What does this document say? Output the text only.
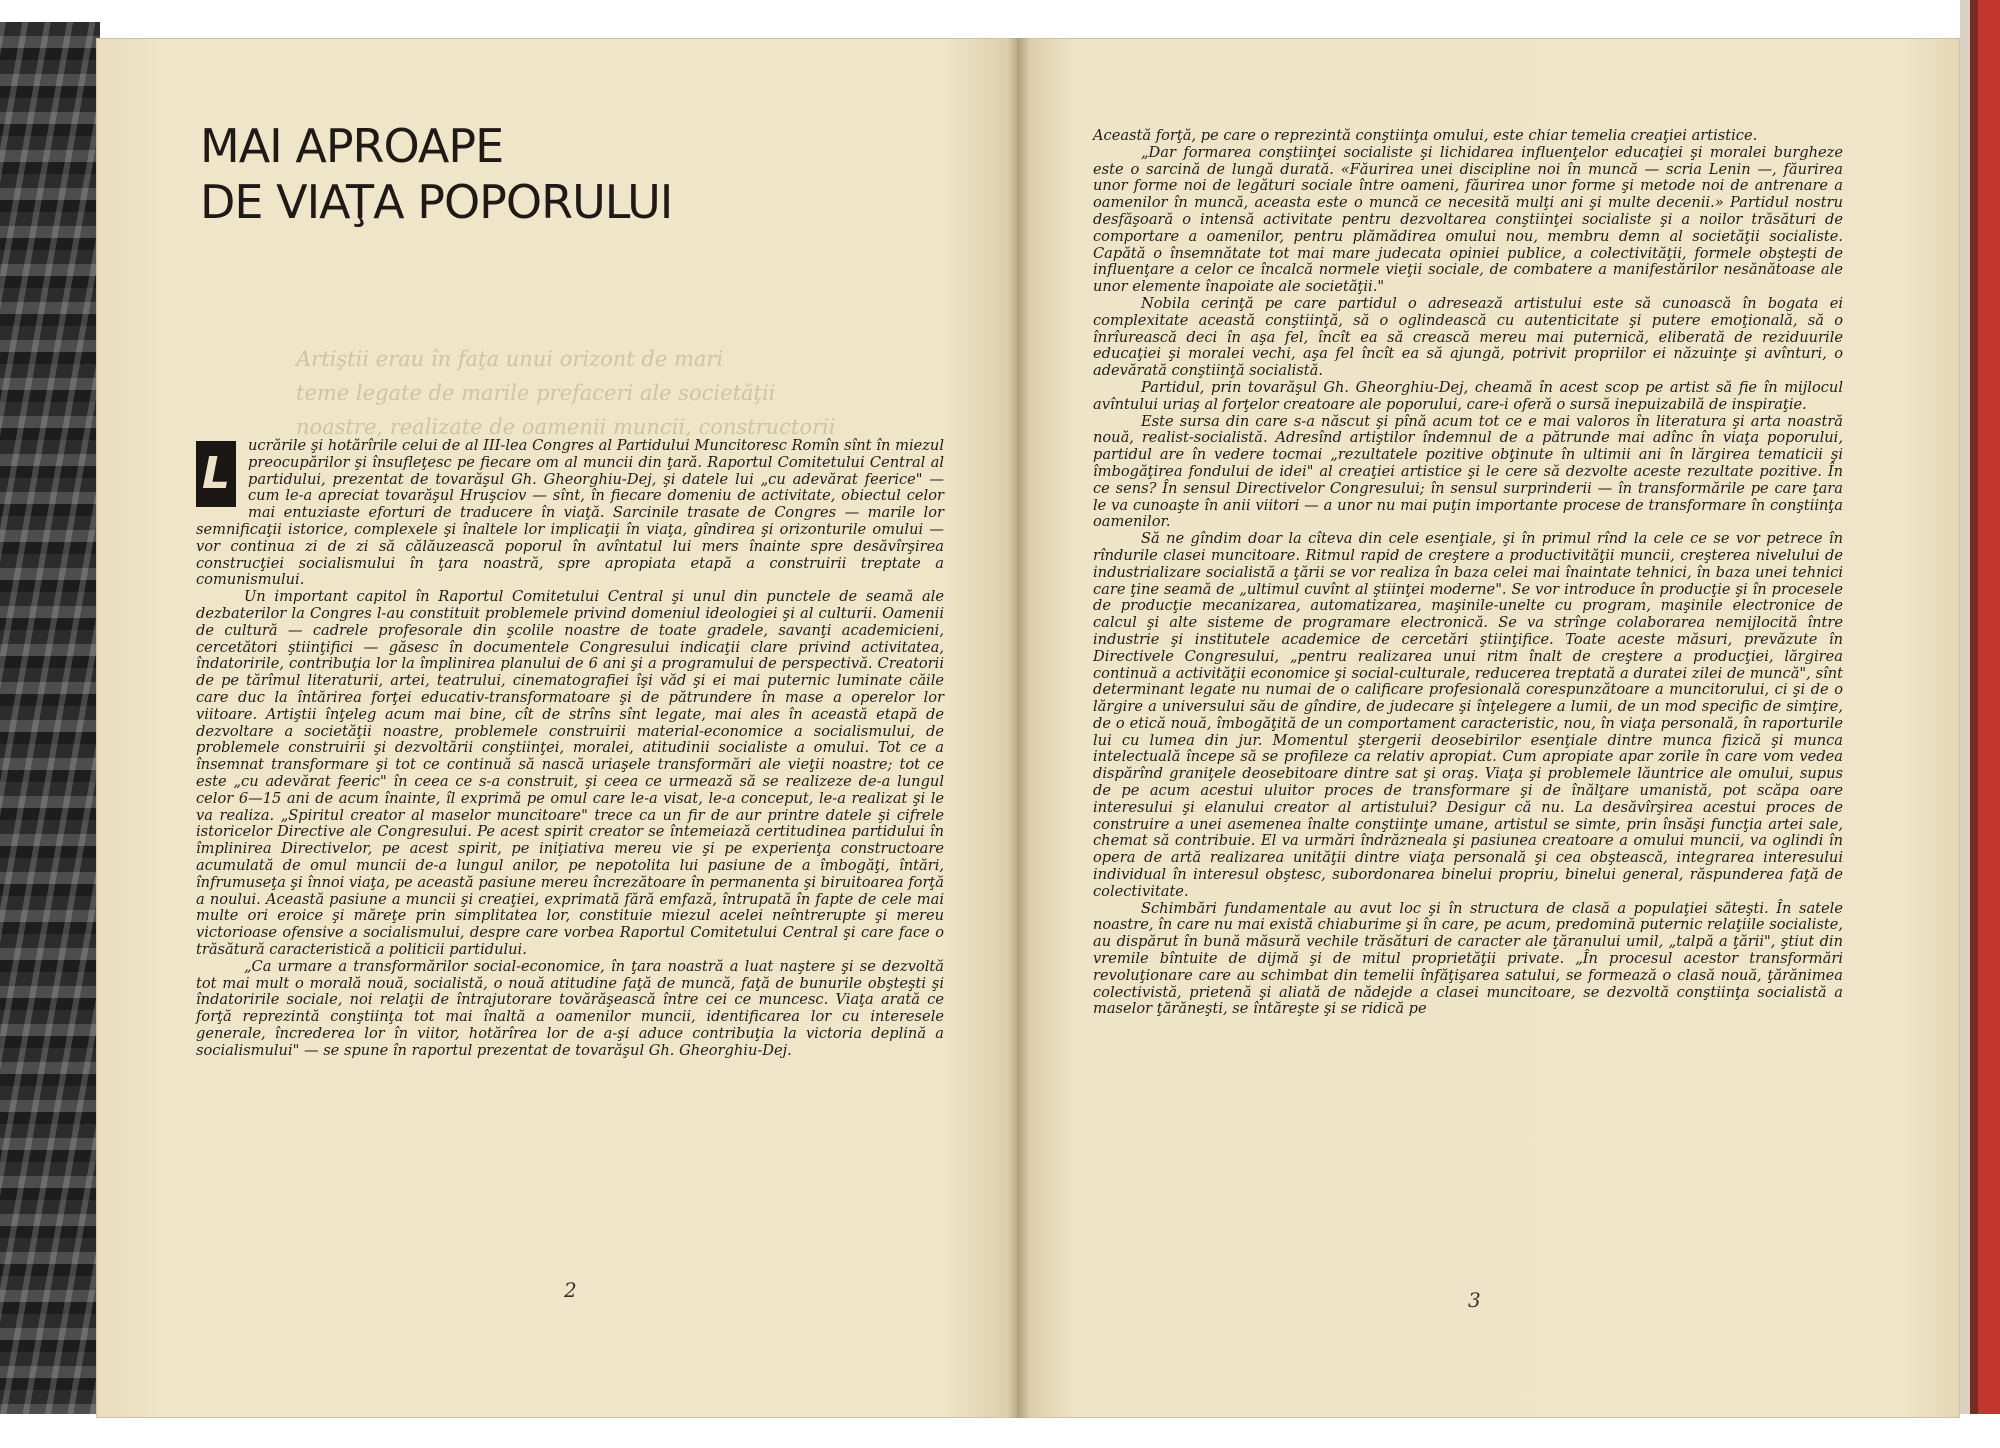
MAI APROAPE
DE VIAŢA POPORULUI
Artiştii erau în faţa unui orizont de mari
teme legate de marile prefaceri ale societăţii
noastre, realizate de oamenii muncii, constructorii

L
ucrările şi hotărîrile celui de al III-lea Congres al Partidului Muncitoresc Romîn sînt în miezul preocupărilor şi însufleţesc pe fiecare om al muncii din ţară. Raportul Comitetului Central al partidului, prezentat de tovarăşul Gh. Gheorghiu-Dej, şi datele lui „cu adevărat feerice" — cum le-a apreciat tovarăşul Hruşciov — sînt, în fiecare domeniu de activitate, obiectul celor mai entuziaste eforturi de traducere în viaţă. Sarcinile trasate de Congres — marile lor semnificaţii istorice, complexele şi înaltele lor implicaţii în viaţa, gîndirea şi orizonturile omului — vor continua zi de zi să călăuzească poporul în avîntatul lui mers înainte spre desăvîrşirea construcţiei socialismului în ţara noastră, spre apropiata etapă a construirii treptate a comunismului.

Un important capitol în Raportul Comitetului Central şi unul din punctele de seamă ale dezbaterilor la Congres l-au constituit problemele privind domeniul ideologiei şi al culturii. Oamenii de cultură — cadrele profesorale din şcolile noastre de toate gradele, savanţi academicieni, cercetători ştiinţifici — găsesc în documentele Congresului indicaţii clare privind activitatea, îndatoririle, contribuţia lor la împlinirea planului de 6 ani şi a programului de perspectivă. Creatorii de pe tărîmul literaturii, artei, teatrului, cinematografiei îşi văd şi ei mai puternic luminate căile care duc la întărirea forţei educativ-transformatoare şi de pătrundere în mase a operelor lor viitoare. Artiştii înţeleg acum mai bine, cît de strîns sînt legate, mai ales în această etapă de dezvoltare a societăţii noastre, problemele construirii material-economice a socialismului, de problemele construirii şi dezvoltării conştiinţei, moralei, atitudinii socialiste a omului. Tot ce a însemnat transformare şi tot ce continuă să nască uriaşele transformări ale vieţii noastre; tot ce este „cu adevărat feeric" în ceea ce s-a construit, şi ceea ce urmează să se realizeze de-a lungul celor 6—15 ani de acum înainte, îl exprimă pe omul care le-a visat, le-a conceput, le-a realizat şi le va realiza. „Spiritul creator al maselor muncitoare" trece ca un fir de aur printre datele şi cifrele istoricelor Directive ale Congresului. Pe acest spirit creator se întemeiază certitudinea partidului în împlinirea Directivelor, pe acest spirit, pe iniţiativa mereu vie şi pe experienţa constructoare acumulată de omul muncii de-a lungul anilor, pe nepotolita lui pasiune de a îmbogăţi, întări, înfrumuseţa şi înnoi viaţa, pe această pasiune mereu încrezătoare în permanenta şi biruitoarea forţă a noului. Această pasiune a muncii şi creaţiei, exprimată fără emfază, întrupată în fapte de cele mai multe ori eroice şi măreţe prin simplitatea lor, constituie miezul acelei neîntrerupte şi mereu victorioase ofensive a socialismului, despre care vorbea Raportul Comitetului Central şi care face o trăsătură caracteristică a politicii partidului.

„Ca urmare a transformărilor social-economice, în ţara noastră a luat naştere şi se dezvoltă tot mai mult o morală nouă, socialistă, o nouă atitudine faţă de muncă, faţă de bunurile obşteşti şi îndatoririle sociale, noi relaţii de întrajutorare tovărăşească între cei ce muncesc. Viaţa arată ce forţă reprezintă conştiinţa tot mai înaltă a oamenilor muncii, identificarea lor cu interesele generale, încrederea lor în viitor, hotărîrea lor de a-şi aduce contribuţia la victoria deplină a socialismului" — se spune în raportul prezentat de tovarăşul Gh. Gheorghiu-Dej.

Această forţă, pe care o reprezintă conştiinţa omului, este chiar temelia creaţiei artistice.

„Dar formarea conştiinţei socialiste şi lichidarea influenţelor educaţiei şi moralei burgheze este o sarcină de lungă durată. «Făurirea unei discipline noi în muncă — scria Lenin —, făurirea unor forme noi de legături sociale între oameni, făurirea unor forme şi metode noi de antrenare a oamenilor în muncă, aceasta este o muncă ce necesită mulţi ani şi multe decenii.» Partidul nostru desfăşoară o intensă activitate pentru dezvoltarea conştiinţei socialiste şi a noilor trăsături de comportare a oamenilor, pentru plămădirea omului nou, membru demn al societăţii socialiste. Capătă o însemnătate tot mai mare judecata opiniei publice, a colectivităţii, formele obşteşti de influenţare a celor ce încalcă normele vieţii sociale, de combatere a manifestărilor nesănătoase ale unor elemente înapoiate ale societăţii."

Nobila cerinţă pe care partidul o adresează artistului este să cunoască în bogata ei complexitate această conştiinţă, să o oglindească cu autenticitate şi putere emoţională, să o înrîurească deci în aşa fel, încît ea să crească mereu mai puternică, eliberată de reziduurile educaţiei şi moralei vechi, aşa fel încît ea să ajungă, potrivit propriilor ei năzuinţe şi avînturi, o adevărată conştiinţă socialistă.

Partidul, prin tovarăşul Gh. Gheorghiu-Dej, cheamă în acest scop pe artist să fie în mijlocul avîntului uriaş al forţelor creatoare ale poporului, care-i oferă o sursă inepuizabilă de inspiraţie.

Este sursa din care s-a născut şi pînă acum tot ce e mai valoros în literatura şi arta noastră nouă, realist-socialistă. Adresînd artiştilor îndemnul de a pătrunde mai adînc în viaţa poporului, partidul are în vedere tocmai „rezultatele pozitive obţinute în ultimii ani în lărgirea tematicii şi îmbogăţirea fondului de idei" al creaţiei artistice şi le cere să dezvolte aceste rezultate pozitive. În ce sens? În sensul Directivelor Congresului; în sensul surprinderii — în transformările pe care ţara le va cunoaşte în anii viitori — a unor nu mai puţin importante procese de transformare în conştiinţa oamenilor.

Să ne gîndim doar la cîteva din cele esenţiale, şi în primul rînd la cele ce se vor petrece în rîndurile clasei muncitoare. Ritmul rapid de creştere a productivităţii muncii, creşterea nivelului de industrializare socialistă a ţării se vor realiza în baza celei mai înaintate tehnici, în baza unei tehnici care ţine seamă de „ultimul cuvînt al ştiinţei moderne". Se vor introduce în producţie şi în procesele de producţie mecanizarea, automatizarea, maşinile-unelte cu program, maşinile electronice de calcul şi alte sisteme de programare electronică. Se va strînge colaborarea nemijlocită între industrie şi institutele academice de cercetări ştiinţifice. Toate aceste măsuri, prevăzute în Directivele Congresului, „pentru realizarea unui ritm înalt de creştere a producţiei, lărgirea continuă a activităţii economice şi social-culturale, reducerea treptată a duratei zilei de muncă", sînt determinant legate nu numai de o calificare profesională corespunzătoare a muncitorului, ci şi de o lărgire a universului său de gîndire, de judecare şi înţelegere a lumii, de un mod specific de simţire, de o etică nouă, îmbogăţită de un comportament caracteristic, nou, în viaţa personală, în raporturile lui cu lumea din jur. Momentul ştergerii deosebirilor esenţiale dintre munca fizică şi munca intelectuală începe să se profileze ca relativ apropiat. Cum apropiate apar zorile în care vom vedea dispărînd graniţele deosebitoare dintre sat şi oraş. Viaţa şi problemele lăuntrice ale omului, supus de pe acum acestui uluitor proces de transformare şi de înălţare umanistă, pot scăpa oare interesului şi elanului creator al artistului? Desigur că nu. La desăvîrşirea acestui proces de construire a unei asemenea înalte conştiinţe umane, artistul se simte, prin însăşi funcţia artei sale, chemat să contribuie. El va urmări îndrăzneala şi pasiunea creatoare a omului muncii, va oglindi în opera de artă realizarea unităţii dintre viaţa personală şi cea obştească, integrarea interesului individual în interesul obştesc, subordonarea binelui propriu, binelui general, răspunderea faţă de colectivitate.

Schimbări fundamentale au avut loc şi în structura de clasă a populaţiei săteşti. În satele noastre, în care nu mai există chiaburime şi în care, pe acum, predomină puternic relaţiile socialiste, au dispărut în bună măsură vechile trăsături de caracter ale ţăranului umil, „talpă a ţării", ştiut din vremile bîntuite de dijmă şi de mitul proprietăţii private. „În procesul acestor transformări revoluţionare care au schimbat din temelii înfăţişarea satului, se formează o clasă nouă, ţărănimea colectivistă, prietenă şi aliată de nădejde a clasei muncitoare, se dezvoltă conştiinţa socialistă a maselor ţărăneşti, se întăreşte şi se ridică pe

2	3
